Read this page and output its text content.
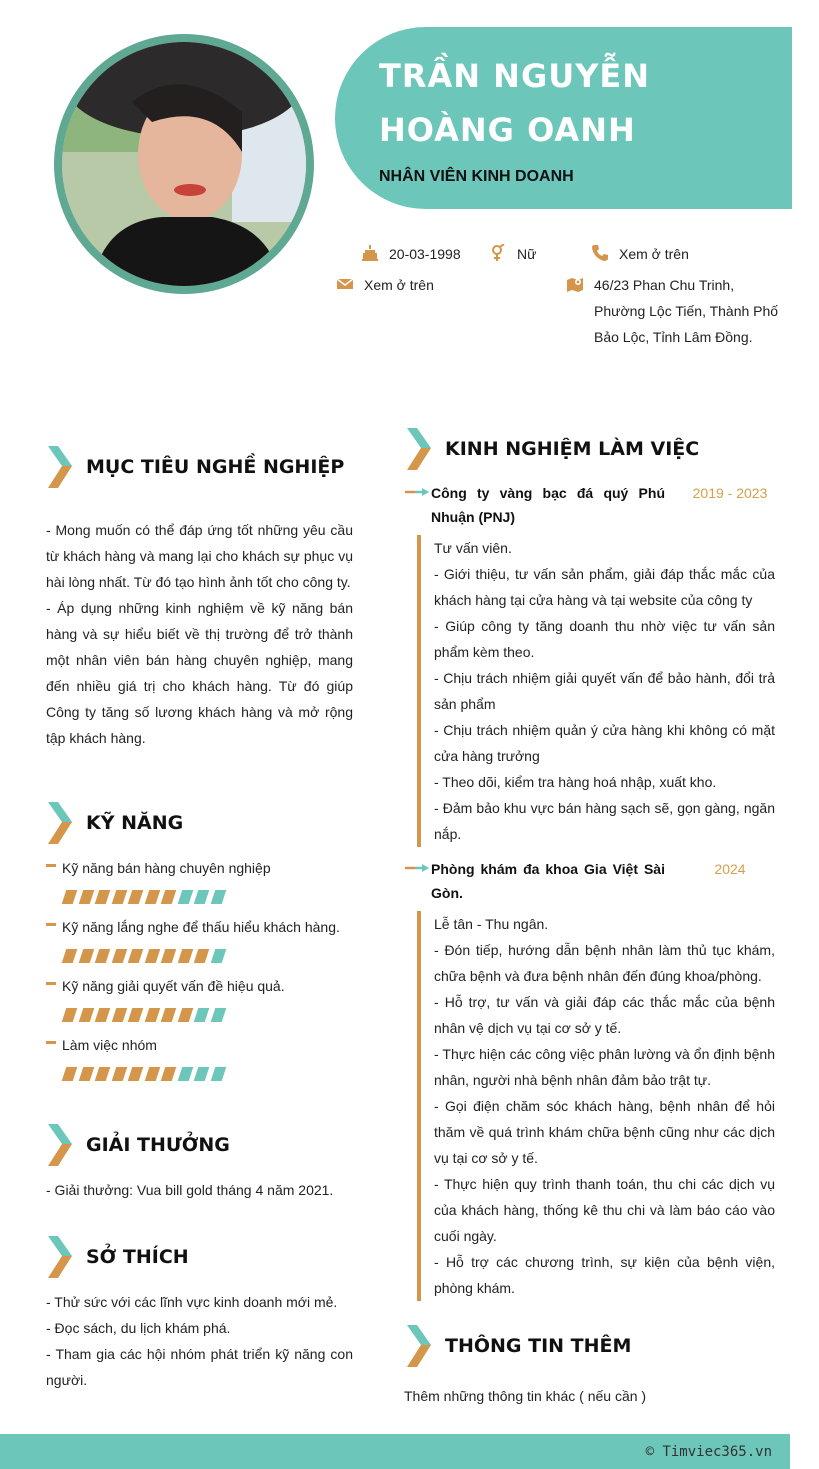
TRẦN NGUYỄN HOÀNG OANH
NHÂN VIÊN KINH DOANH
20-03-1998	Nữ	Xem ở trên
Xem ở trên	46/23 Phan Chu Trinh, Phường Lộc Tiến, Thành Phố Bảo Lộc, Tỉnh Lâm Đồng.
MỤC TIÊU NGHỀ NGHIỆP
- Mong muốn có thể đáp ứng tốt những yêu cầu từ khách hàng và mang lại cho khách sự phục vụ hài lòng nhất. Từ đó tạo hình ảnh tốt cho công ty.
- Áp dụng những kinh nghiệm về kỹ năng bán hàng và sự hiểu biết về thị trường để trở thành một nhân viên bán hàng chuyên nghiệp, mang đến nhiều giá trị cho khách hàng. Từ đó giúp Công ty tăng số lương khách hàng và mở rộng tập khách hàng.
KỸ NĂNG
Kỹ năng bán hàng chuyên nghiệp
Kỹ năng lắng nghe để thấu hiểu khách hàng.
Kỹ năng giải quyết vấn đề hiệu quả.
Làm việc nhóm
GIẢI THƯỞNG
- Giải thưởng: Vua bill gold tháng 4 năm 2021.
SỞ THÍCH
- Thử sức với các lĩnh vực kinh doanh mới mẻ.
- Đọc sách, du lịch khám phá.
- Tham gia các hội nhóm phát triển kỹ năng con người.
KINH NGHIỆM LÀM VIỆC
Công ty vàng bạc đá quý Phú Nhuận (PNJ)
2019 - 2023
Tư vấn viên.
- Giới thiệu, tư vấn sản phẩm, giải đáp thắc mắc của khách hàng tại cửa hàng và tại website của công ty
- Giúp công ty tăng doanh thu nhờ việc tư vấn sản phẩm kèm theo.
- Chịu trách nhiệm giải quyết vấn để bảo hành, đổi trả sản phẩm
- Chịu trách nhiệm quản ý cửa hàng khi không có mặt cửa hàng trưởng
- Theo dõi, kiểm tra hàng hoá nhập, xuất kho.
- Đảm bảo khu vực bán hàng sạch sẽ, gọn gàng, ngăn nắp.
Phòng khám đa khoa Gia Việt Sài Gòn.
2024
Lễ tân - Thu ngân.
- Đón tiếp, hướng dẫn bệnh nhân làm thủ tục khám, chữa bệnh và đưa bệnh nhân đến đúng khoa/phòng.
- Hỗ trợ, tư vấn và giải đáp các thắc mắc của bệnh nhân vệ dịch vụ tại cơ sở y tế.
- Thực hiện các công việc phân lường và ổn định bệnh nhân, người nhà bệnh nhân đảm bảo trật tự.
- Gọi điện chăm sóc khách hàng, bệnh nhân để hỏi thăm về quá trình khám chữa bệnh cũng như các dịch vụ tại cơ sở y tế.
- Thực hiện quy trình thanh toán, thu chi các dịch vụ của khách hàng, thống kê thu chi và làm báo cáo vào cuối ngày.
- Hỗ trợ các chương trình, sự kiện của bệnh viện, phòng khám.
THÔNG TIN THÊM
Thêm những thông tin khác ( nếu cần )
© Timviec365.vn
